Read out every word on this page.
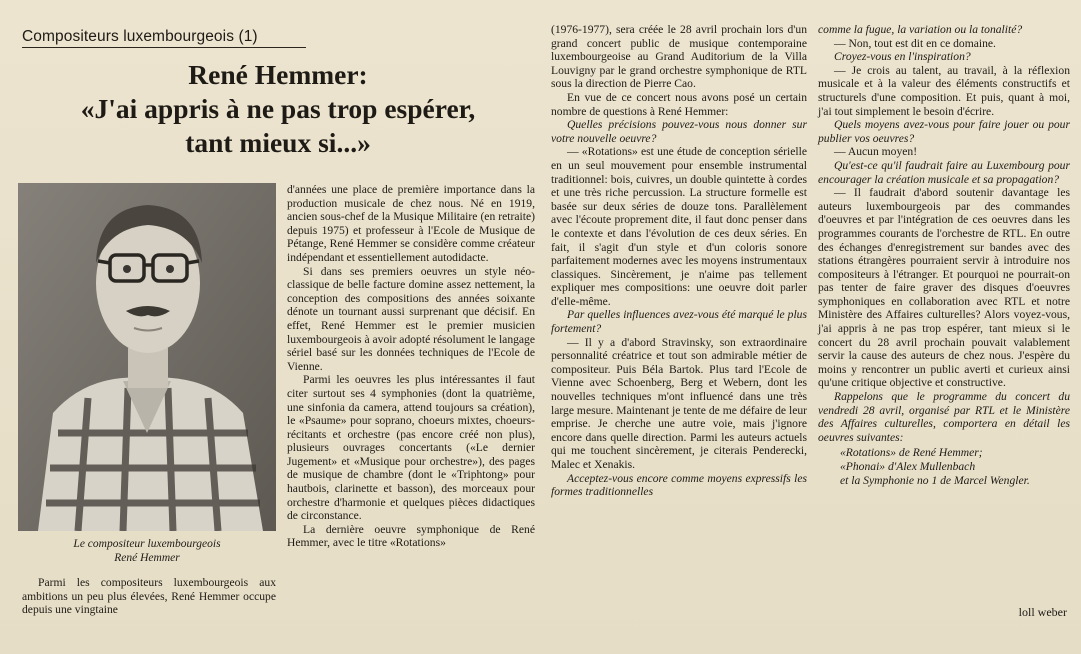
Compositeurs luxembourgeois (1)
René Hemmer:
«J'ai appris à ne pas trop espérer,
tant mieux si...»
Le compositeur luxembourgeois
René Hemmer

Parmi les compositeurs luxembourgeois aux ambitions un peu plus élevées, René Hemmer occupe depuis une vingtaine

d'années une place de première importance dans la production musicale de chez nous. Né en 1919, ancien sous-chef de la Musique Militaire (en retraite) depuis 1975) et professeur à l'Ecole de Musique de Pétange, René Hemmer se considère comme créateur indépendant et essentiellement autodidacte.

Si dans ses premiers oeuvres un style néo-classique de belle facture domine assez nettement, la conception des compositions des années soixante dénote un tournant aussi surprenant que décisif. En effet, René Hemmer est le premier musicien luxembourgeois à avoir adopté résolument le langage sériel basé sur les données techniques de l'Ecole de Vienne.

Parmi les oeuvres les plus intéressantes il faut citer surtout ses 4 symphonies (dont la quatrième, une sinfonia da camera, attend toujours sa création), le «Psaume» pour soprano, choeurs mixtes, choeurs-récitants et orchestre (pas encore créé non plus), plusieurs ouvrages concertants («Le dernier Jugement» et «Musique pour orchestre»), des pages de musique de chambre (dont le «Triphtong» pour hautbois, clarinette et basson), des morceaux pour orchestre d'harmonie et quelques pièces didactiques de circonstance.

La dernière oeuvre symphonique de René Hemmer, avec le titre «Rotations»

(1976-1977), sera créée le 28 avril prochain lors d'un grand concert public de musique contemporaine luxembourgeoise au Grand Auditorium de la Villa Louvigny par le grand orchestre symphonique de RTL sous la direction de Pierre Cao.

En vue de ce concert nous avons posé un certain nombre de questions à René Hemmer:

Quelles précisions pouvez-vous nous donner sur votre nouvelle oeuvre?

— «Rotations» est une étude de conception sérielle en un seul mouvement pour ensemble instrumental traditionnel: bois, cuivres, un double quintette à cordes et une très riche percussion. La structure formelle est basée sur deux séries de douze tons. Parallèlement avec l'écoute proprement dite, il faut donc penser dans le contexte et dans l'évolution de ces deux séries. En fait, il s'agit d'un style et d'un coloris sonore parfaitement modernes avec les moyens instrumentaux classiques. Sincèrement, je n'aime pas tellement expliquer mes compositions: une oeuvre doit parler d'elle-même.

Par quelles influences avez-vous été marqué le plus fortement?

— Il y a d'abord Stravinsky, son extraordinaire personnalité créatrice et tout son admirable métier de compositeur. Puis Béla Bartok. Plus tard l'Ecole de Vienne avec Schoenberg, Berg et Webern, dont les nouvelles techniques m'ont influencé dans une très large mesure. Maintenant je tente de me défaire de leur emprise. Je cherche une autre voie, mais j'ignore encore dans quelle direction. Parmi les auteurs actuels qui me touchent sincèrement, je citerais Penderecki, Malec et Xenakis.

Acceptez-vous encore comme moyens expressifs les formes traditionnelles

comme la fugue, la variation ou la tonalité?

— Non, tout est dit en ce domaine.

Croyez-vous en l'inspiration?

— Je crois au talent, au travail, à la réflexion musicale et à la valeur des éléments constructifs et structurels d'une composition. Et puis, quant à moi, j'ai tout simplement le besoin d'écrire.

Quels moyens avez-vous pour faire jouer ou pour publier vos oeuvres?

— Aucun moyen!

Qu'est-ce qu'il faudrait faire au Luxembourg pour encourager la création musicale et sa propagation?

— Il faudrait d'abord soutenir davantage les auteurs luxembourgeois par des commandes d'oeuvres et par l'intégration de ces oeuvres dans les programmes courants de l'orchestre de RTL. En outre des échanges d'enregistrement sur bandes avec des stations étrangères pourraient servir à introduire nos compositeurs à l'étranger. Et pourquoi ne pourrait-on pas tenter de faire graver des disques d'oeuvres symphoniques en collaboration avec RTL et notre Ministère des Affaires culturelles? Alors voyez-vous, j'ai appris à ne pas trop espérer, tant mieux si le concert du 28 avril prochain pouvait valablement servir la cause des auteurs de chez nous. J'espère du moins y rencontrer un public averti et curieux ainsi qu'une critique objective et constructive.

Rappelons que le programme du concert du vendredi 28 avril, organisé par RTL et le Ministère des Affaires culturelles, comportera en détail les oeuvres suivantes:

«Rotations» de René Hemmer;
«Phonai» d'Alex Mullenbach
et la Symphonie no 1 de Marcel Wengler.
loll weber
